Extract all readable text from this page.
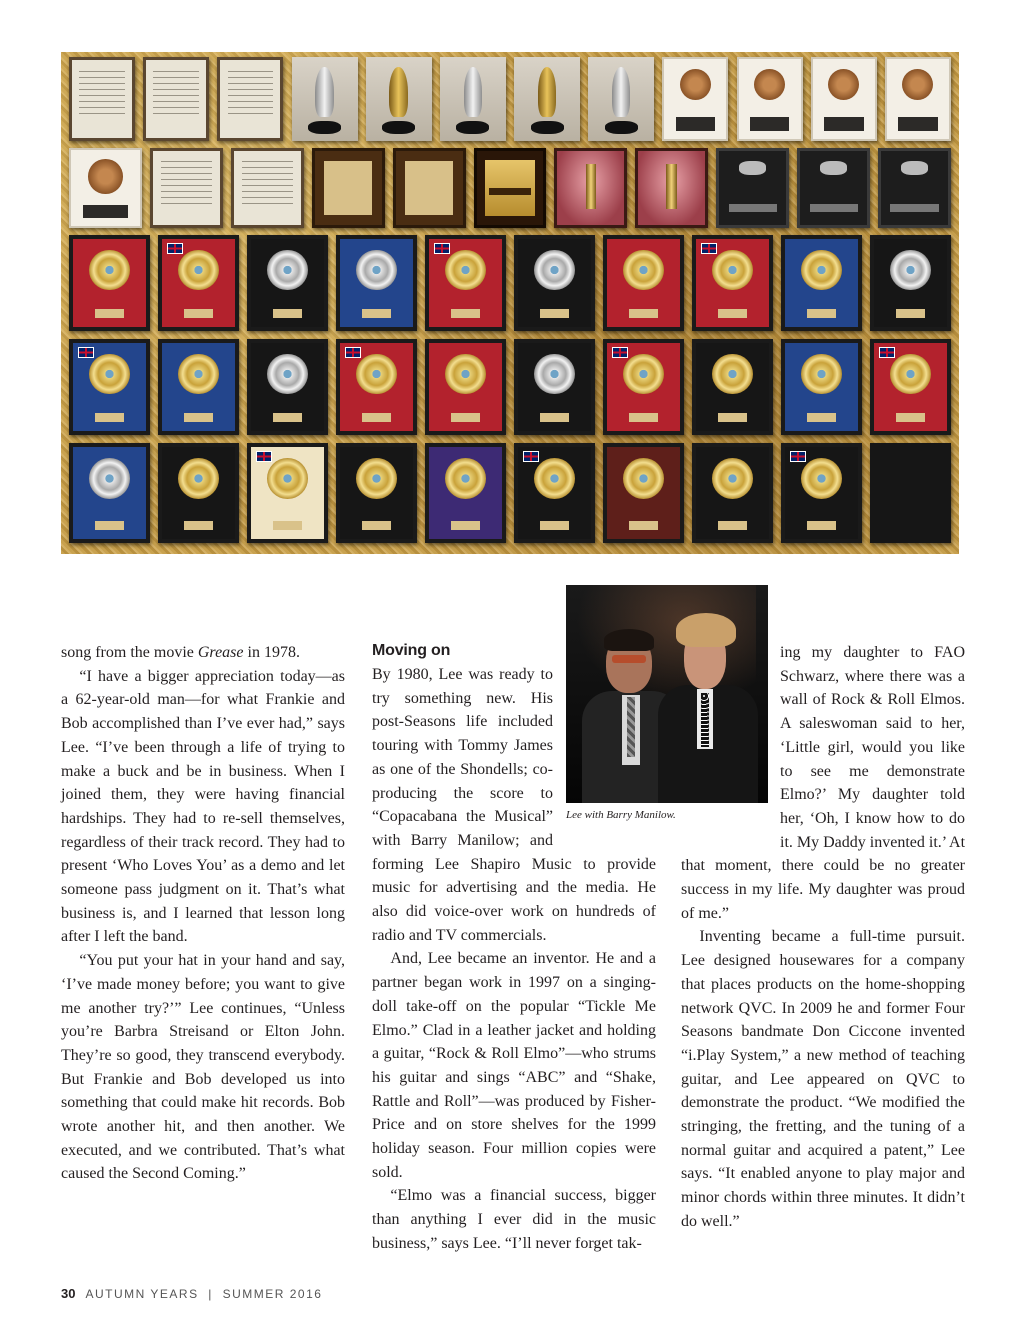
Lee with Barry Manilow.

song from the movie Grease in 1978.

“I have a bigger appreciation today—as a 62-year-old man—for what Frankie and Bob accomplished than I’ve ever had,” says Lee. “I’ve been through a life of trying to make a buck and be in business. When I joined them, they were having financial hardships. They had to re-sell themselves, regardless of their track record. They had to present ‘Who Loves You’ as a demo and let someone pass judgment on it. That’s what business is, and I learned that lesson long after I left the band.

“You put your hat in your hand and say, ‘I’ve made money before; you want to give me another try?’” Lee continues, “Unless you’re Barbra Streisand or Elton John. They’re so good, they transcend everybody. But Frankie and Bob developed us into something that could make hit records. Bob wrote another hit, and then another. We executed, and we contributed. That’s what caused the Second Coming.”

Moving on

By 1980, Lee was ready to try something new. His post-Seasons life included touring with Tommy James as one of the Shondells; co-producing the score to “Copacabana the Musical” with Barry Manilow; and forming Lee Shapiro Music to provide music for advertising and the media. He also did voice-over work on hundreds of radio and TV commercials.

And, Lee became an inventor. He and a partner began work in 1997 on a singing-doll take-off on the popular “Tickle Me Elmo.” Clad in a leather jacket and holding a guitar, “Rock & Roll Elmo”—who strums his guitar and sings “ABC” and “Shake, Rattle and Roll”—was produced by Fisher-Price and on store shelves for the 1999 holiday season. Four million copies were sold.

“Elmo was a financial success, bigger than anything I ever did in the music business,” says Lee. “I’ll never forget tak-

ing my daughter to FAO Schwarz, where there was a wall of Rock & Roll Elmos. A saleswoman said to her, ‘Little girl, would you like to see me demonstrate Elmo?’ My daughter told her, ‘Oh, I know how to do it. My Daddy invented it.’ At that moment, there could be no greater success in my life. My daughter was proud of me.”

Inventing became a full-time pursuit. Lee designed housewares for a company that places products on the home-shopping network QVC. In 2009 he and former Four Seasons bandmate Don Ciccone invented “i.Play System,” a new method of teaching guitar, and Lee appeared on QVC to demonstrate the product. “We modified the stringing, the fretting, and the tuning of a normal guitar and acquired a patent,” Lee says. “It enabled anyone to play major and minor chords within three minutes. It didn’t do well.”

30 AUTUMN YEARS | SUMMER 2016
